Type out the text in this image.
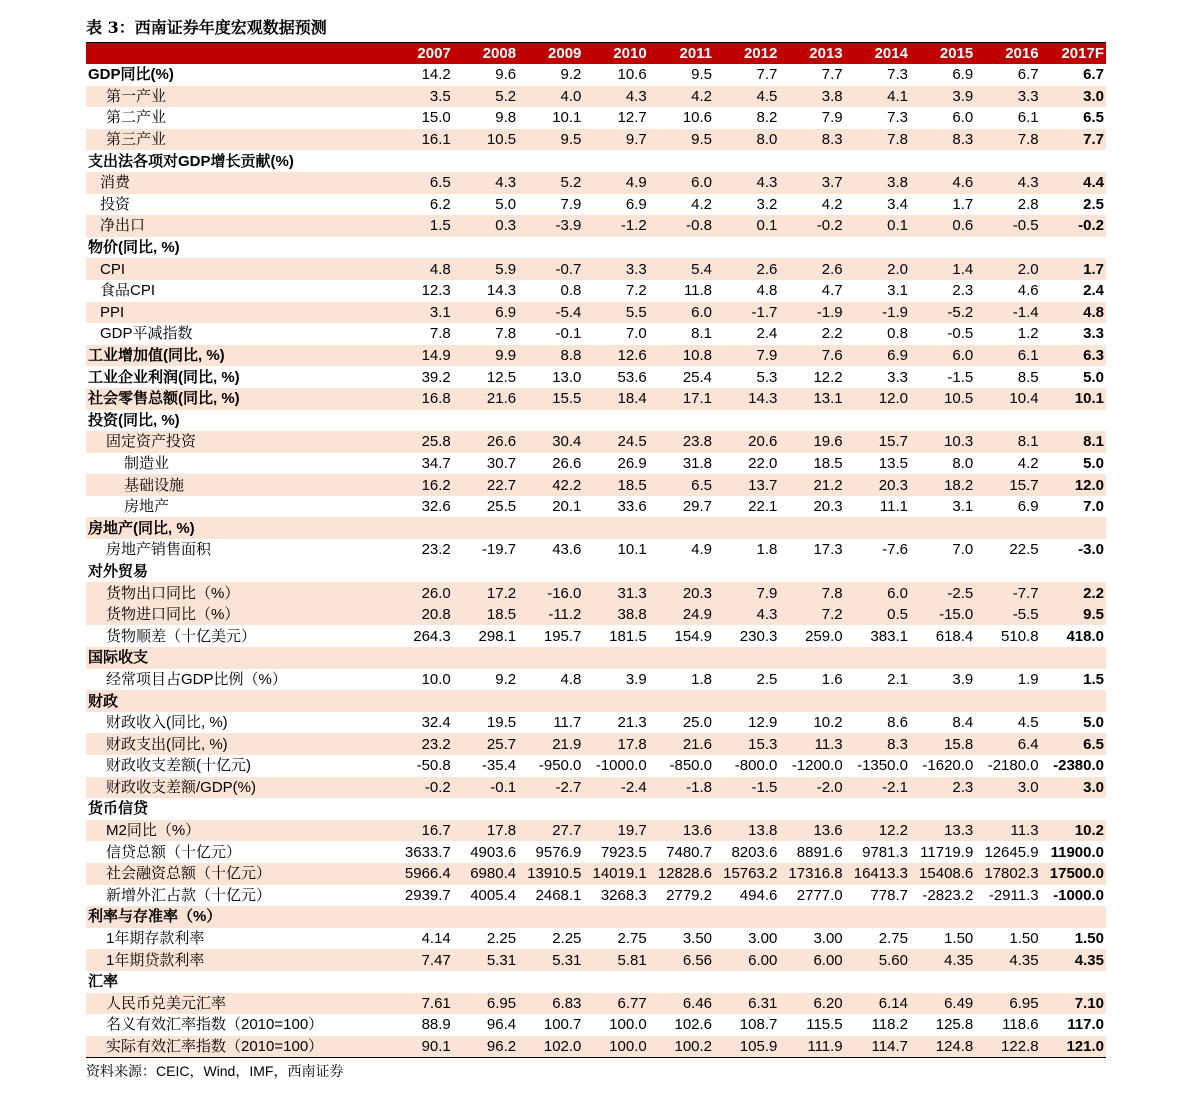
表 3：西南证券年度宏观数据预测
	2007	2008	2009	2010	2011	2012	2013	2014	2015	2016	2017F
GDP同比(%)	14.2	9.6	9.2	10.6	9.5	7.7	7.7	7.3	6.9	6.7	6.7
第一产业	3.5	5.2	4.0	4.3	4.2	4.5	3.8	4.1	3.9	3.3	3.0
第二产业	15.0	9.8	10.1	12.7	10.6	8.2	7.9	7.3	6.0	6.1	6.5
第三产业	16.1	10.5	9.5	9.7	9.5	8.0	8.3	7.8	8.3	7.8	7.7
支出法各项对GDP增长贡献(%)											
消费	6.5	4.3	5.2	4.9	6.0	4.3	3.7	3.8	4.6	4.3	4.4
投资	6.2	5.0	7.9	6.9	4.2	3.2	4.2	3.4	1.7	2.8	2.5
净出口	1.5	0.3	-3.9	-1.2	-0.8	0.1	-0.2	0.1	0.6	-0.5	-0.2
物价(同比, %)											
CPI	4.8	5.9	-0.7	3.3	5.4	2.6	2.6	2.0	1.4	2.0	1.7
食品CPI	12.3	14.3	0.8	7.2	11.8	4.8	4.7	3.1	2.3	4.6	2.4
PPI	3.1	6.9	-5.4	5.5	6.0	-1.7	-1.9	-1.9	-5.2	-1.4	4.8
GDP平减指数	7.8	7.8	-0.1	7.0	8.1	2.4	2.2	0.8	-0.5	1.2	3.3
工业增加值(同比, %)	14.9	9.9	8.8	12.6	10.8	7.9	7.6	6.9	6.0	6.1	6.3
工业企业利润(同比, %)	39.2	12.5	13.0	53.6	25.4	5.3	12.2	3.3	-1.5	8.5	5.0
社会零售总额(同比, %)	16.8	21.6	15.5	18.4	17.1	14.3	13.1	12.0	10.5	10.4	10.1
投资(同比, %)											
固定资产投资	25.8	26.6	30.4	24.5	23.8	20.6	19.6	15.7	10.3	8.1	8.1
制造业	34.7	30.7	26.6	26.9	31.8	22.0	18.5	13.5	8.0	4.2	5.0
基础设施	16.2	22.7	42.2	18.5	6.5	13.7	21.2	20.3	18.2	15.7	12.0
房地产	32.6	25.5	20.1	33.6	29.7	22.1	20.3	11.1	3.1	6.9	7.0
房地产(同比, %)											
房地产销售面积	23.2	-19.7	43.6	10.1	4.9	1.8	17.3	-7.6	7.0	22.5	-3.0
对外贸易											
货物出口同比（%）	26.0	17.2	-16.0	31.3	20.3	7.9	7.8	6.0	-2.5	-7.7	2.2
货物进口同比（%）	20.8	18.5	-11.2	38.8	24.9	4.3	7.2	0.5	-15.0	-5.5	9.5
货物顺差（十亿美元）	264.3	298.1	195.7	181.5	154.9	230.3	259.0	383.1	618.4	510.8	418.0
国际收支											
经常项目占GDP比例（%）	10.0	9.2	4.8	3.9	1.8	2.5	1.6	2.1	3.9	1.9	1.5
财政											
财政收入(同比, %)	32.4	19.5	11.7	21.3	25.0	12.9	10.2	8.6	8.4	4.5	5.0
财政支出(同比, %)	23.2	25.7	21.9	17.8	21.6	15.3	11.3	8.3	15.8	6.4	6.5
财政收支差额(十亿元)	-50.8	-35.4	-950.0	-1000.0	-850.0	-800.0	-1200.0	-1350.0	-1620.0	-2180.0	-2380.0
财政收支差额/GDP(%)	-0.2	-0.1	-2.7	-2.4	-1.8	-1.5	-2.0	-2.1	2.3	3.0	3.0
货币信贷											
M2同比（%）	16.7	17.8	27.7	19.7	13.6	13.8	13.6	12.2	13.3	11.3	10.2
信贷总额（十亿元）	3633.7	4903.6	9576.9	7923.5	7480.7	8203.6	8891.6	9781.3	11719.9	12645.9	11900.0
社会融资总额（十亿元）	5966.4	6980.4	13910.5	14019.1	12828.6	15763.2	17316.8	16413.3	15408.6	17802.3	17500.0
新增外汇占款（十亿元）	2939.7	4005.4	2468.1	3268.3	2779.2	494.6	2777.0	778.7	-2823.2	-2911.3	-1000.0
利率与存准率（%）											
1年期存款利率	4.14	2.25	2.25	2.75	3.50	3.00	3.00	2.75	1.50	1.50	1.50
1年期贷款利率	7.47	5.31	5.31	5.81	6.56	6.00	6.00	5.60	4.35	4.35	4.35
汇率											
人民币兑美元汇率	7.61	6.95	6.83	6.77	6.46	6.31	6.20	6.14	6.49	6.95	7.10
名义有效汇率指数（2010=100）	88.9	96.4	100.7	100.0	102.6	108.7	115.5	118.2	125.8	118.6	117.0
实际有效汇率指数（2010=100）	90.1	96.2	102.0	100.0	100.2	105.9	111.9	114.7	124.8	122.8	121.0
资料来源：CEIC，Wind，IMF，西南证券
